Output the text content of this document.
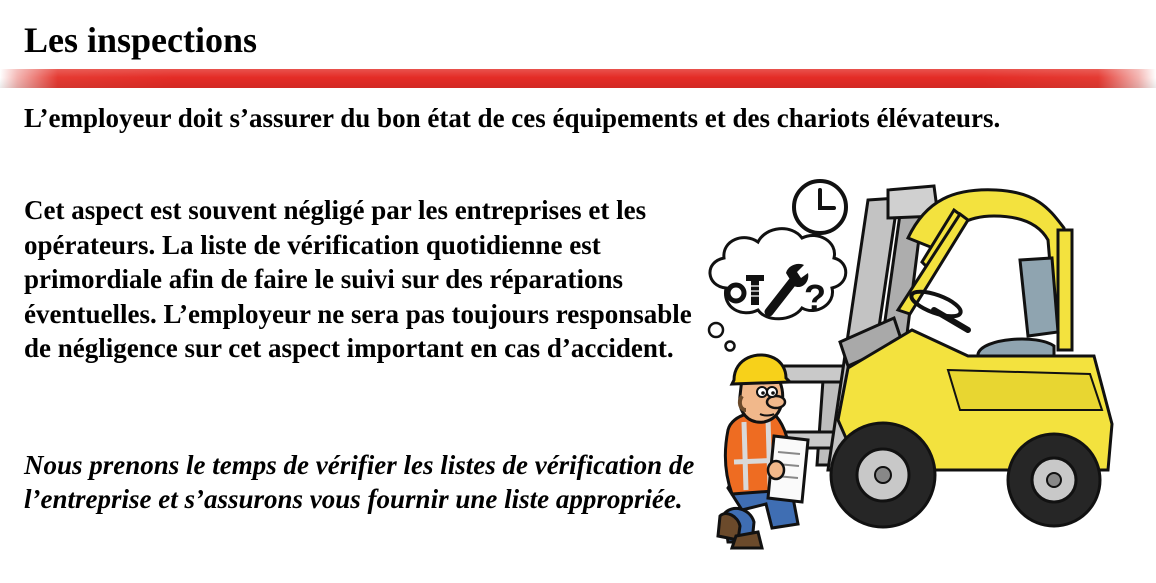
Les inspections
L’employeur doit s’assurer du bon état de ces équipements et des chariots élévateurs.
Cet aspect est souvent négligé par les entreprises et les opérateurs. La liste de vérification quotidienne est primordiale afin de faire le suivi sur des réparations éventuelles. L’employeur ne sera pas toujours responsable de négligence sur cet aspect important en cas d’accident.
Nous prenons le temps de vérifier les listes de vérification de l’entreprise et s’assurons vous fournir une liste appropriée.
?
